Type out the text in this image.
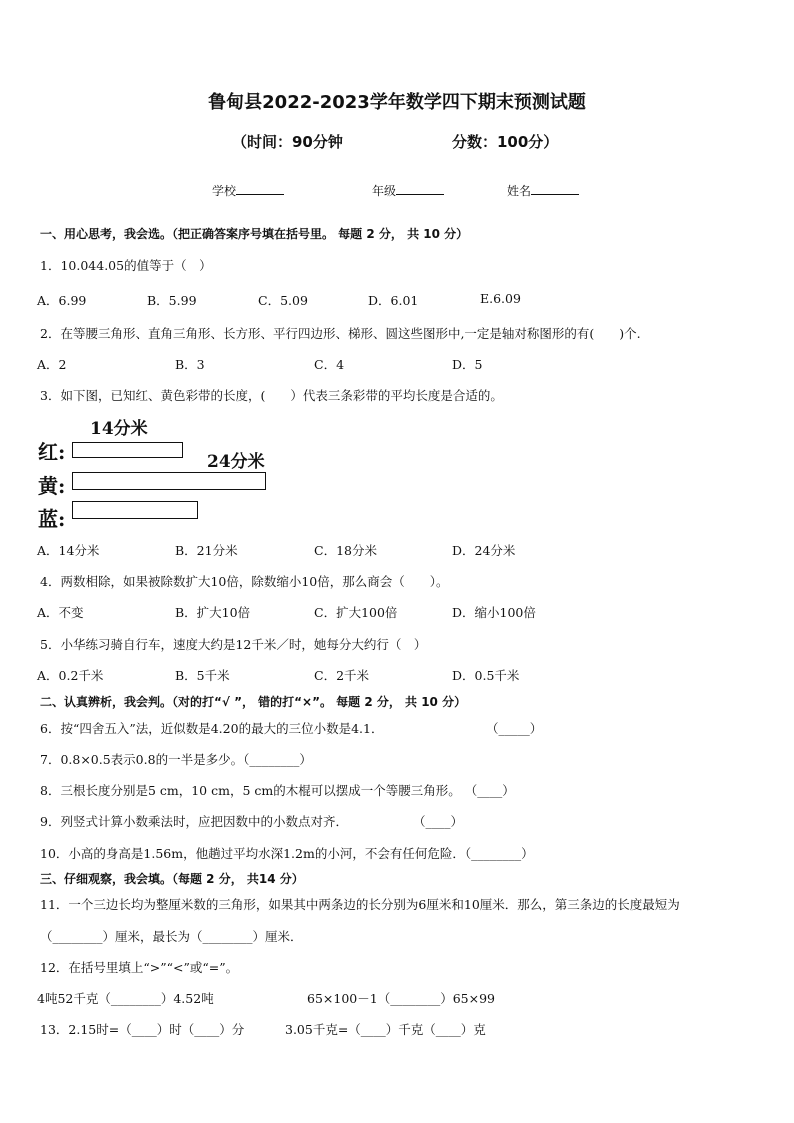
鲁甸县2022-2023学年数学四下期末预测试题
（时间：90分钟	分数：100分）
学校	年级	姓名
一、用心思考，我会选。（把正确答案序号填在括号里。 每题 2 分， 共 10 分）
1．10.044.05的值等于（　）
A．6.99	B．5.99	C．5.09	D．6.01	E.6.09
2．在等腰三角形、直角三角形、长方形、平行四边形、梯形、圆这些图形中,一定是轴对称图形的有(　　)个.
A．2	B．3	C．4	D．5
3．如下图，已知红、黄色彩带的长度，(　　）代表三条彩带的平均长度是合适的。
14分米
红:	24分米
黄:
蓝:
A．14分米	B．21分米	C．18分米	D．24分米
4．两数相除，如果被除数扩大10倍，除数缩小10倍，那么商会（　　）。
A．不变	B．扩大10倍	C．扩大100倍	D．缩小100倍
5．小华练习骑自行车，速度大约是12千米／时，她每分大约行（　）
A．0.2千米	B．5千米	C．2千米	D．0.5千米
二、认真辨析，我会判。（对的打“√ ”， 错的打“×”。 每题 2 分， 共 10 分）
6．按“四舍五入”法，近似数是4.20的最大的三位小数是4.1．	（_____）
7．0.8×0.5表示0.8的一半是多少。（________）
8．三根长度分别是5 cm，10 cm，5 cm的木棍可以摆成一个等腰三角形。 （____）
9．列竖式计算小数乘法时，应把因数中的小数点对齐．	（____）
10．小高的身高是1.56m，他趟过平均水深1.2m的小河，不会有任何危险．（________）
三、仔细观察，我会填。（每题 2 分， 共14 分）
11．一个三边长均为整厘米数的三角形，如果其中两条边的长分别为6厘米和10厘米．那么，第三条边的长度最短为
（________）厘米，最长为（________）厘米．
12．在括号里填上“>”“<”或“=”。
4吨52千克（________）4.52吨	65×100－1（________）65×99
13．2.15时=（____）时（____）分	3.05千克=（____）千克（____）克
